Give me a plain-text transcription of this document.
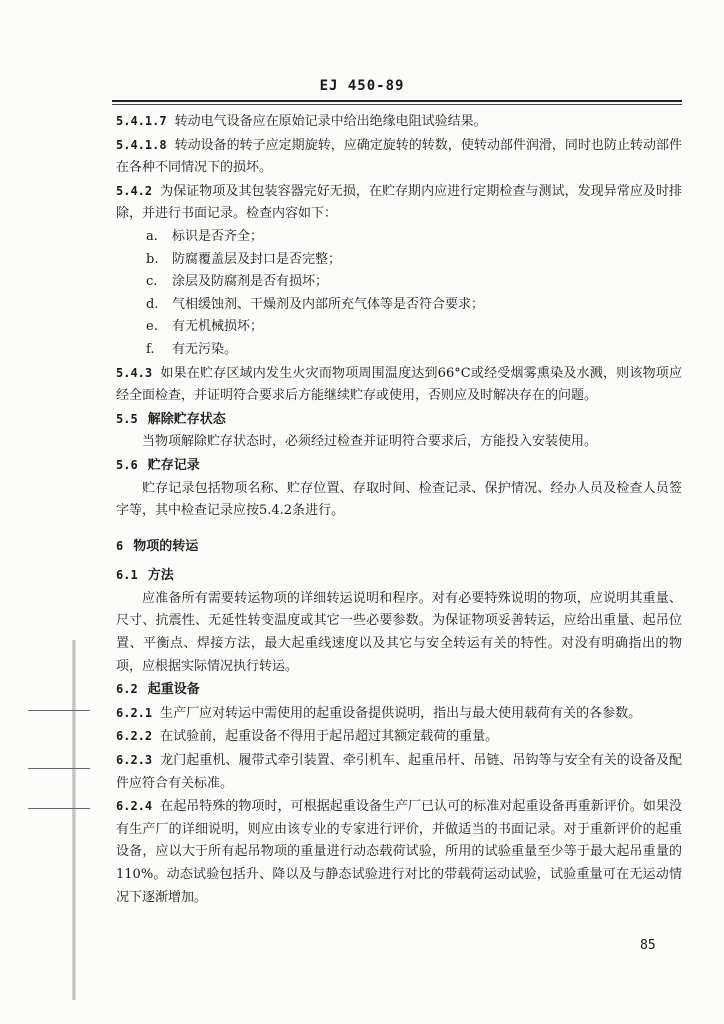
EJ 450-89

5.4.1.7 转动电气设备应在原始记录中给出绝缘电阻试验结果。

5.4.1.8 转动设备的转子应定期旋转，应确定旋转的转数，使转动部件润滑，同时也防止转动部件在各种不同情况下的损坏。

5.4.2 为保证物项及其包装容器完好无损，在贮存期内应进行定期检查与测试，发现异常应及时排除，并进行书面记录。检查内容如下：

a. 标识是否齐全；

b. 防腐覆盖层及封口是否完整；

c. 涂层及防腐剂是否有损坏；

d. 气相缓蚀剂、干燥剂及内部所充气体等是否符合要求；

e. 有无机械损坏；

f. 有无污染。

5.4.3 如果在贮存区域内发生火灾而物项周围温度达到66°C或经受烟雾熏染及水溅，则该物项应经全面检查，并证明符合要求后方能继续贮存或使用，否则应及时解决存在的问题。

5.5 解除贮存状态

当物项解除贮存状态时，必须经过检查并证明符合要求后，方能投入安装使用。

5.6 贮存记录

贮存记录包括物项名称、贮存位置、存取时间、检查记录、保护情况、经办人员及检查人员签字等，其中检查记录应按5.4.2条进行。

6 物项的转运

6.1 方法

应准备所有需要转运物项的详细转运说明和程序。对有必要特殊说明的物项，应说明其重量、尺寸、抗震性、无延性转变温度或其它一些必要参数。为保证物项妥善转运，应给出重量、起吊位置、平衡点、焊接方法，最大起重线速度以及其它与安全转运有关的特性。对没有明确指出的物项，应根据实际情况执行转运。

6.2 起重设备

6.2.1 生产厂应对转运中需使用的起重设备提供说明，指出与最大使用载荷有关的各参数。

6.2.2 在试验前，起重设备不得用于起吊超过其额定载荷的重量。

6.2.3 龙门起重机、履带式牵引装置、牵引机车、起重吊杆、吊链、吊钩等与安全有关的设备及配件应符合有关标准。

6.2.4 在起吊特殊的物项时，可根据起重设备生产厂已认可的标准对起重设备再重新评价。如果没有生产厂的详细说明，则应由该专业的专家进行评价，并做适当的书面记录。对于重新评价的起重设备，应以大于所有起吊物项的重量进行动态载荷试验，所用的试验重量至少等于最大起吊重量的110%。动态试验包括升、降以及与静态试验进行对比的带载荷运动试验，试验重量可在无运动情况下逐渐增加。

85
